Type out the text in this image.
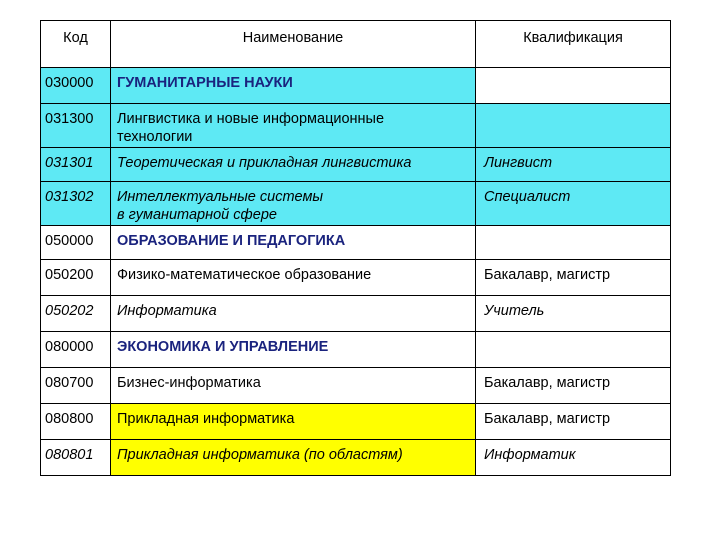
Код	Наименование	Квалификация
030000	ГУМАНИТАРНЫЕ НАУКИ	
031300	Лингвистика и новые информационные
технологии	

031301	Теоретическая и прикладная лингвистика	Лингвист
031302	Интеллектуальные системы
в гуманитарной сфере	Специалист
050000	ОБРАЗОВАНИЕ И ПЕДАГОГИКА	
050200	Физико-математическое образование	Бакалавр, магистр
050202	Информатика	Учитель
080000	ЭКОНОМИКА И УПРАВЛЕНИЕ	
080700	Бизнес-информатика	Бакалавр, магистр
080800	Прикладная информатика	Бакалавр, магистр
080801	Прикладная информатика (по областям)	Информатик
